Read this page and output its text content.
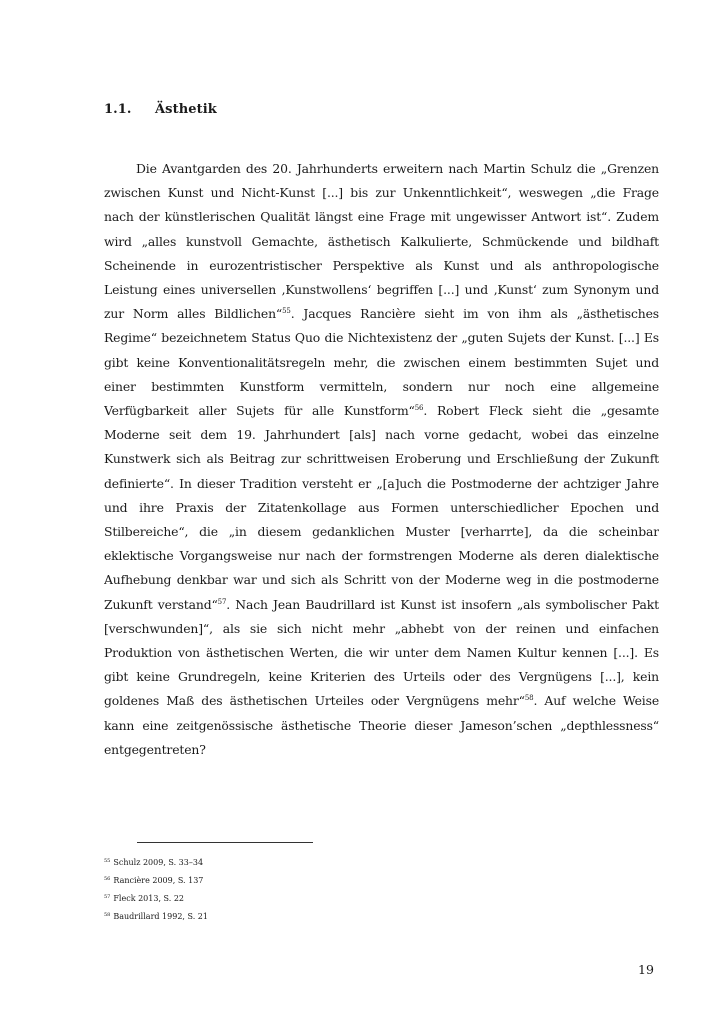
1.1. Ästhetik
Die Avantgarden des 20. Jahrhunderts erweitern nach Martin Schulz die „Grenzen
zwischen Kunst und Nicht-Kunst [...] bis zur Unkenntlichkeit“, weswegen „die Frage
nach der künstlerischen Qualität längst eine Frage mit ungewisser Antwort ist“. Zudem
wird „alles kunstvoll Gemachte, ästhetisch Kalkulierte, Schmückende und bildhaft
Scheinende in eurozentristischer Perspektive als Kunst und als anthropologische
Leistung eines universellen ‚Kunstwollens‘ begriffen [...] und ‚Kunst‘ zum Synonym und
zur Norm alles Bildlichen“$^{55}$. Jacques Rancière sieht im von ihm als „ästhetisches
Regime“ bezeichnetem Status Quo die Nichtexistenz der „guten Sujets der Kunst. [...] Es
gibt keine Konventionalitätsregeln mehr, die zwischen einem bestimmten Sujet und
einer bestimmten Kunstform vermitteln, sondern nur noch eine allgemeine
Verfügbarkeit aller Sujets für alle Kunstform“$^{56}$. Robert Fleck sieht die „gesamte
Moderne seit dem 19. Jahrhundert [als] nach vorne gedacht, wobei das einzelne
Kunstwerk sich als Beitrag zur schrittweisen Eroberung und Erschließung der Zukunft
definierte“. In dieser Tradition versteht er „[a]uch die Postmoderne der achtziger Jahre
und ihre Praxis der Zitatenkollage aus Formen unterschiedlicher Epochen und
Stilbereiche“, die „in diesem gedanklichen Muster [verharrte], da die scheinbar
eklektische Vorgangsweise nur nach der formstrengen Moderne als deren dialektische
Aufhebung denkbar war und sich als Schritt von der Moderne weg in die postmoderne
Zukunft verstand“$^{57}$. Nach Jean Baudrillard ist Kunst ist insofern „als symbolischer Pakt
[verschwunden]“, als sie sich nicht mehr „abhebt von der reinen und einfachen
Produktion von ästhetischen Werten, die wir unter dem Namen Kultur kennen [...]. Es
gibt keine Grundregeln, keine Kriterien des Urteils oder des Vergnügens [...], kein
goldenes Maß des ästhetischen Urteiles oder Vergnügens mehr“$^{58}$. Auf welche Weise
kann eine zeitgenössische ästhetische Theorie dieser Jameson’schen „depthlessness“
entgegentreten?
$^{55}$ Schulz 2009, S. 33–34
$^{56}$ Rancière 2009, S. 137
$^{57}$ Fleck 2013, S. 22
$^{58}$ Baudrillard 1992, S. 21
19
